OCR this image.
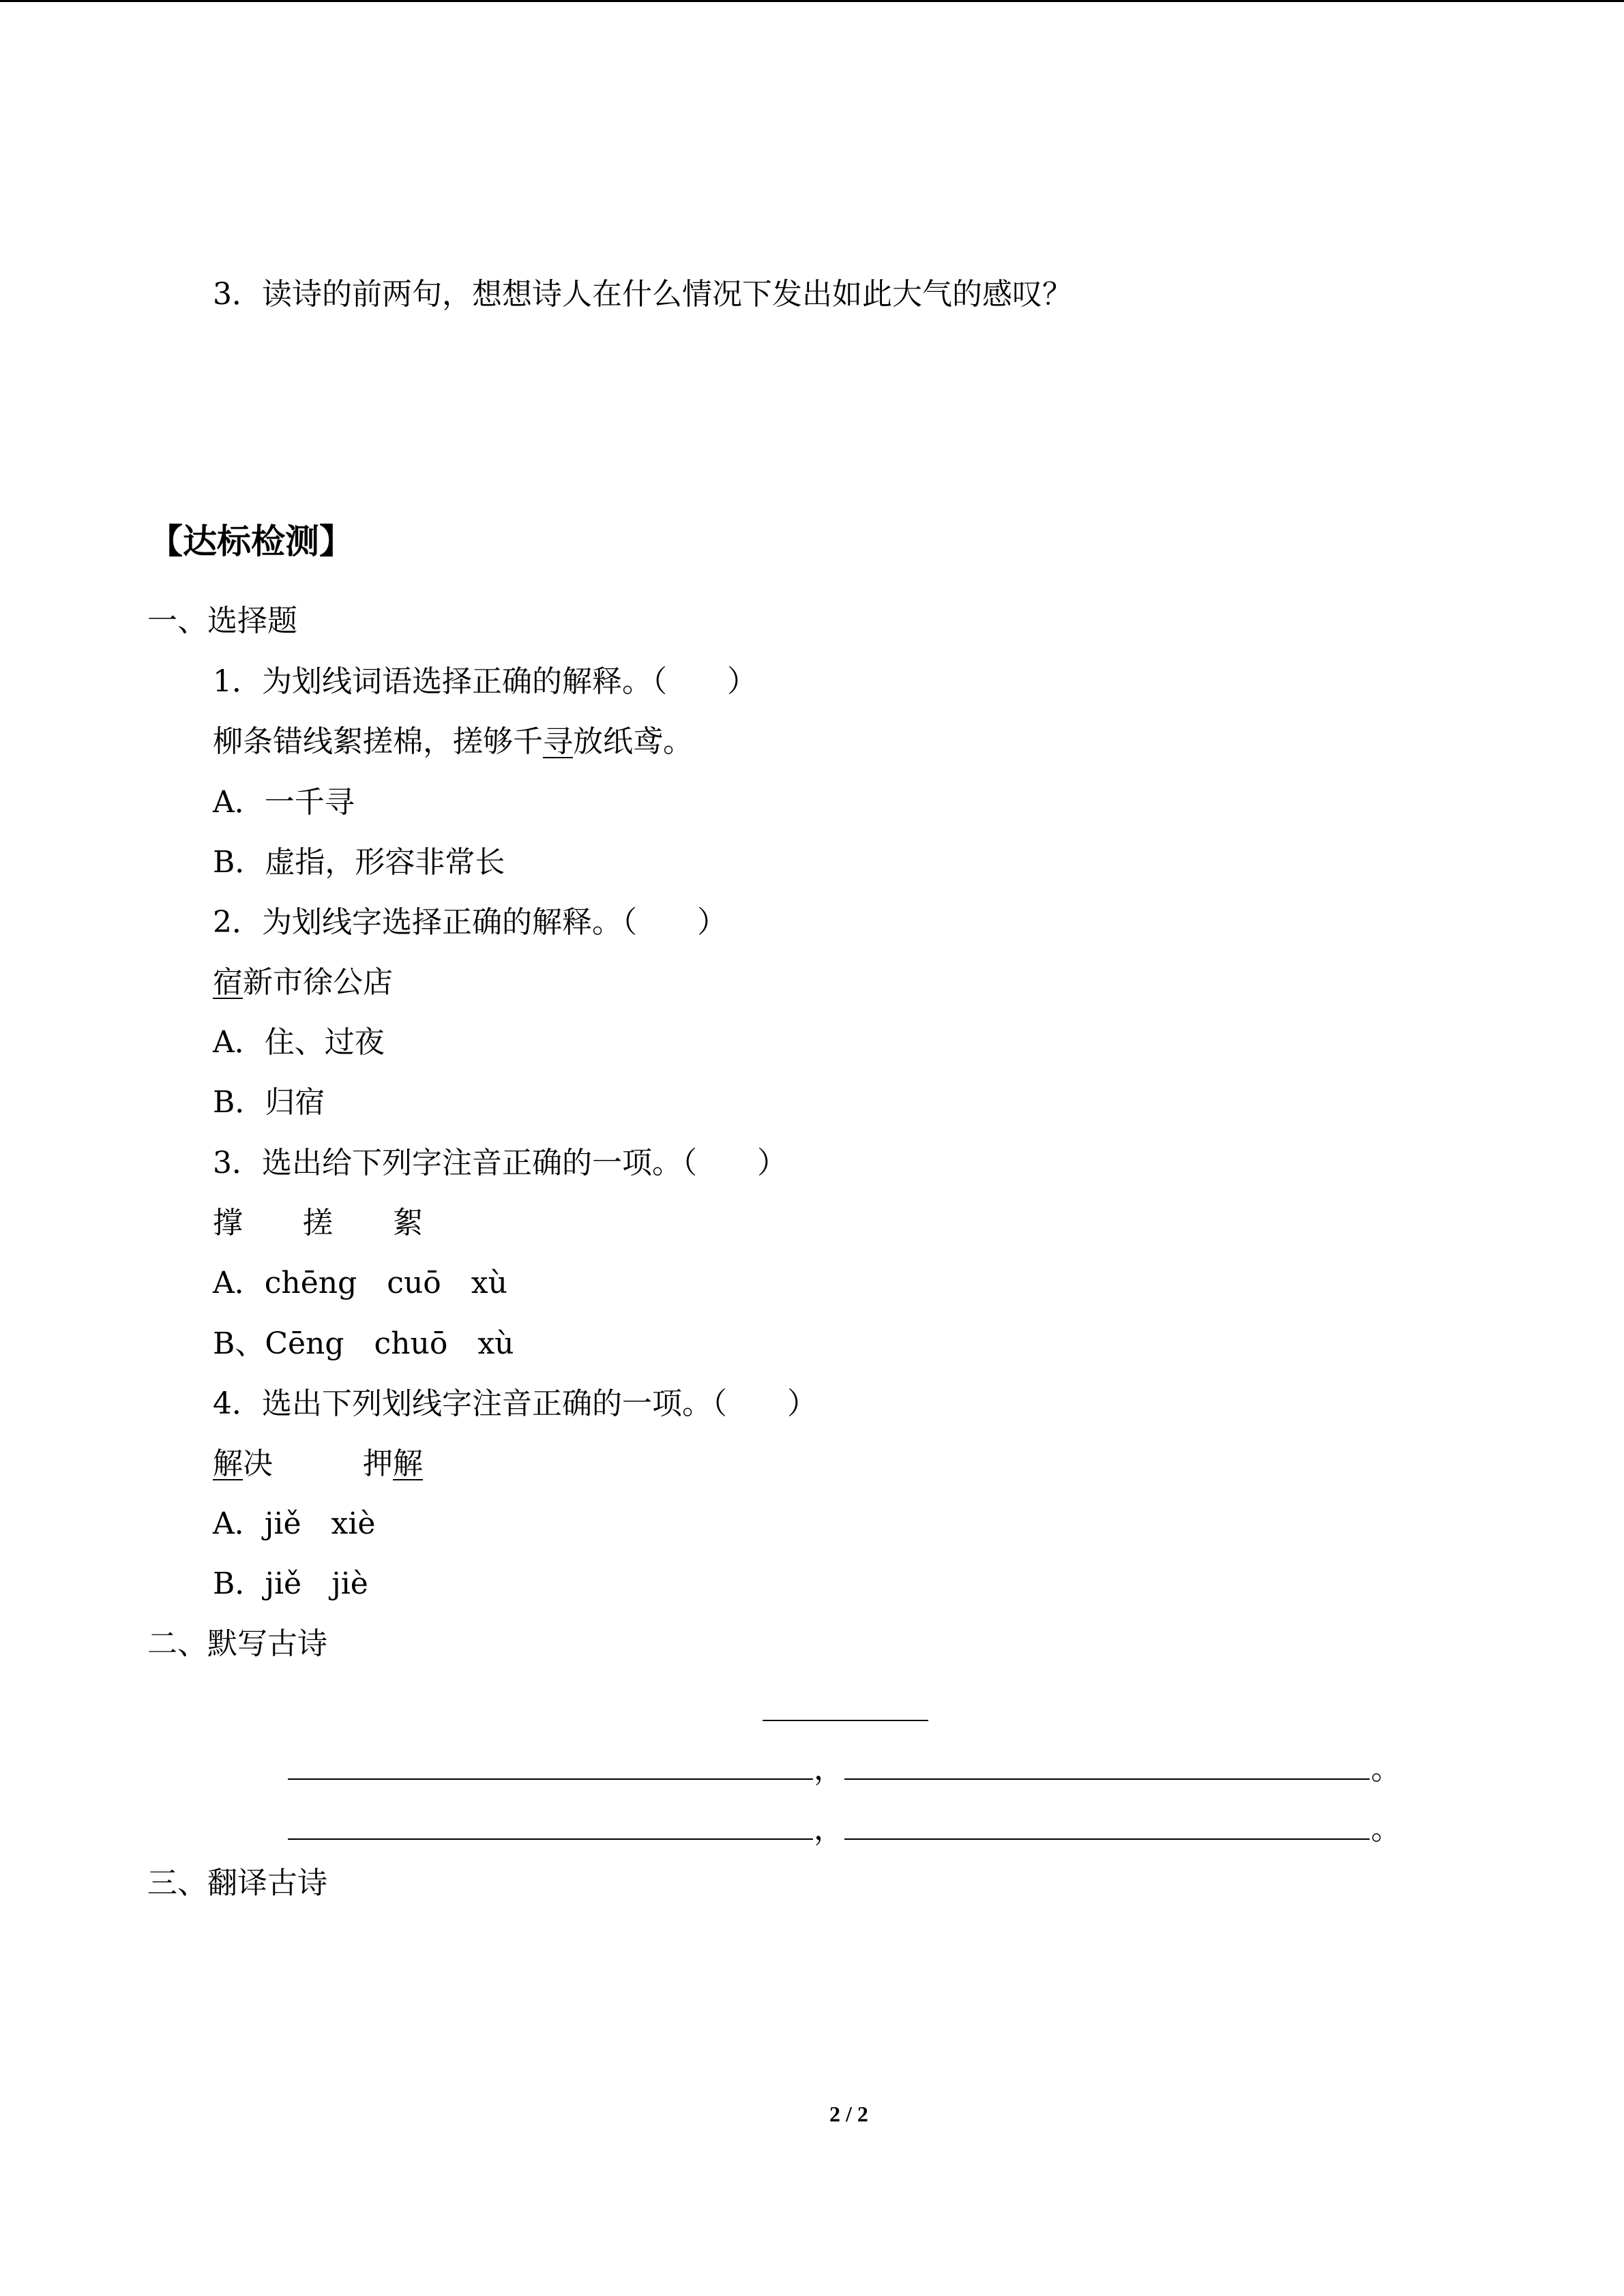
3．读诗的前两句，想想诗人在什么情况下发出如此大气的感叹？
【达标检测】
一、选择题
1．为划线词语选择正确的解释。（　　）
柳条错线絮搓棉，搓够千寻放纸鸢。
A．一千寻
B．虚指，形容非常长
2．为划线字选择正确的解释。（　　）
宿新市徐公店
A．住、过夜
B．归宿
3．选出给下列字注音正确的一项。（　　）
撑　　搓　　絮
A．chēng　cuō　xù
B、Cēng　chuō　xù
4．选出下列划线字注音正确的一项。（　　）
解决	押解
A．jiě　xiè
B．jiě　jiè
二、默写古诗
，	。
，	。
三、翻译古诗
2 / 2
